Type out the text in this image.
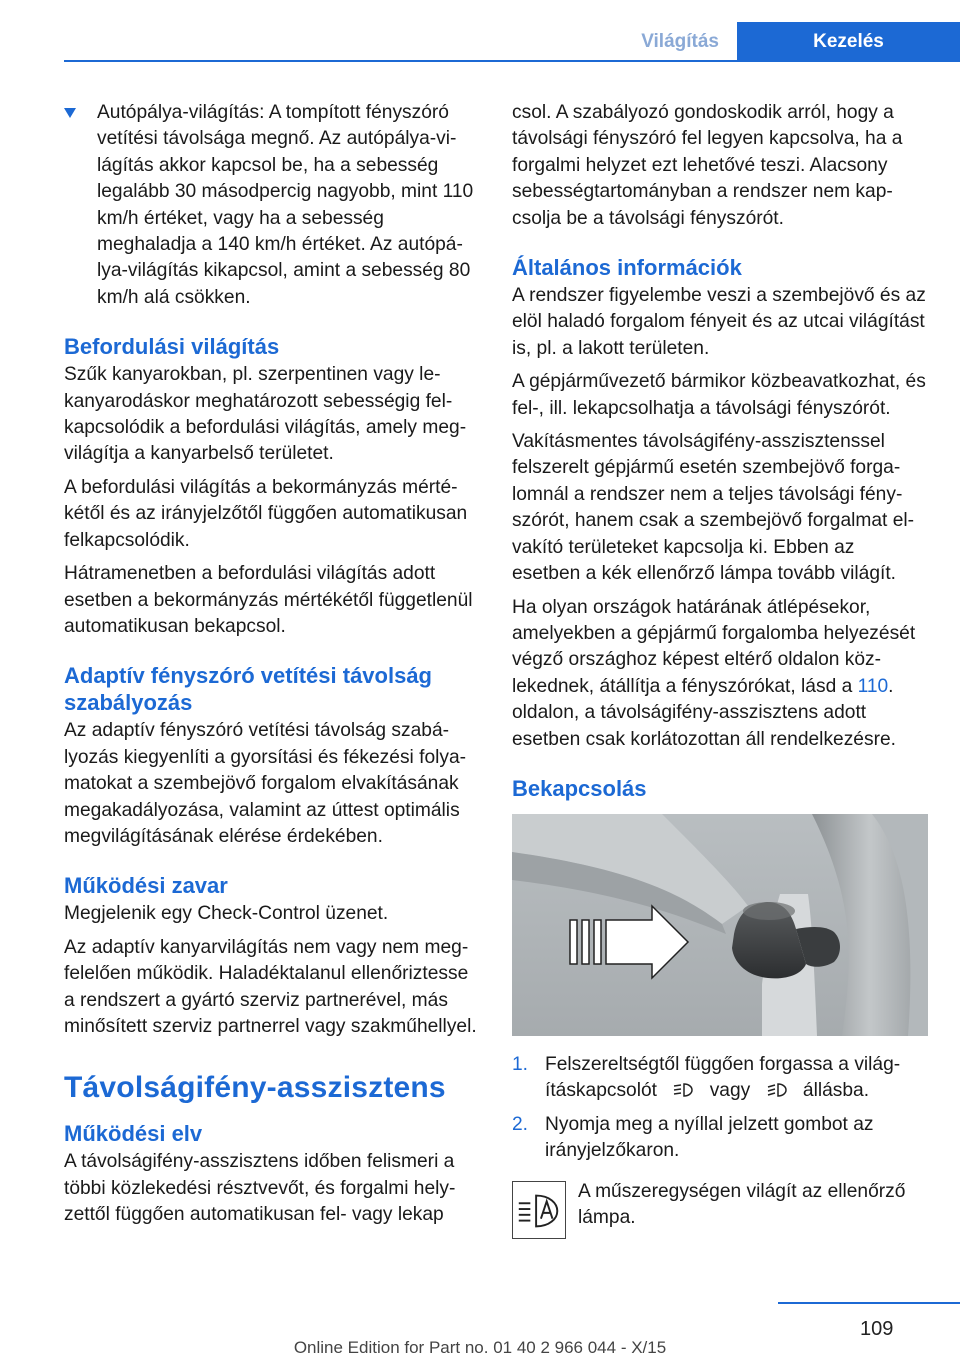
Világítás	Kezelés

Autópálya-világítás: A tompított fényszóró vetítési távolsága megnő. Az autópálya-világítás akkor kapcsol be, ha a sebesség legalább 30 másodpercig nagyobb, mint 110 km/h értéket, vagy ha a sebesség meghaladja a 140 km/h értéket. Az autópálya-világítás kikapcsol, amint a sebesség 80 km/h alá csökken.

Befordulási világítás

Szűk kanyarokban, pl. szerpentinen vagy lekanyarodáskor meghatározott sebességig felkapcsolódik a befordulási világítás, amely megvilágítja a kanyarbelső területet.

A befordulási világítás a bekormányzás mértékétől és az irányjelzőtől függően automatikusan felkapcsolódik.

Hátramenetben a befordulási világítás adott esetben a bekormányzás mértékétől függetlenül automatikusan bekapcsol.

Adaptív fényszóró vetítési távolság szabályozás

Az adaptív fényszóró vetítési távolság szabályozás kiegyenlíti a gyorsítási és fékezési folyamatokat a szembejövő forgalom elvakításának megakadályozása, valamint az úttest optimális megvilágításának elérése érdekében.

Működési zavar

Megjelenik egy Check-Control üzenet.

Az adaptív kanyarvilágítás nem vagy nem megfelelően működik. Haladéktalanul ellenőriztesse a rendszert a gyártó szerviz partnerével, más minősített szerviz partnerrel vagy szakműhellyel.

Távolságifény-asszisztens
Működési elv

A távolságifény-asszisztens időben felismeri a többi közlekedési résztvevőt, és forgalmi helyzettől függően automatikusan fel- vagy lekap

csol. A szabályozó gondoskodik arról, hogy a távolsági fényszóró fel legyen kapcsolva, ha a forgalmi helyzet ezt lehetővé teszi. Alacsony sebességtartományban a rendszer nem kapcsolja be a távolsági fényszórót.

Általános információk

A rendszer figyelembe veszi a szembejövő és az elöl haladó forgalom fényeit és az utcai világítást is, pl. a lakott területen.

A gépjárművezető bármikor közbeavatkozhat, és fel-, ill. lekapcsolhatja a távolsági fényszórót.

Vakításmentes távolságifény-asszisztenssel felszerelt gépjármű esetén szembejövő forgalomnál a rendszer nem a teljes távolsági fényszórót, hanem csak a szembejövő forgalmat elvakító területeket kapcsolja ki. Ebben az esetben a kék ellenőrző lámpa tovább világít.

Ha olyan országok határának átlépésekor, amelyekben a gépjármű forgalomba helyezését végző országhoz képest eltérő oldalon közlekednek, átállítja a fényszórókat, lásd a 110. oldalon, a távolságifény-asszisztens adott esetben csak korlátozottan áll rendelkezésre.

Bekapcsolás
1. Felszereltségtől függően forgassa a világításkapcsolót	vagy	állásba.
2. Nyomja meg a nyíllal jelzett gombot az irányjelzőkaron.

A műszeregységen világít az ellenőrző lámpa.

109
Online Edition for Part no. 01 40 2 966 044 - X/15
